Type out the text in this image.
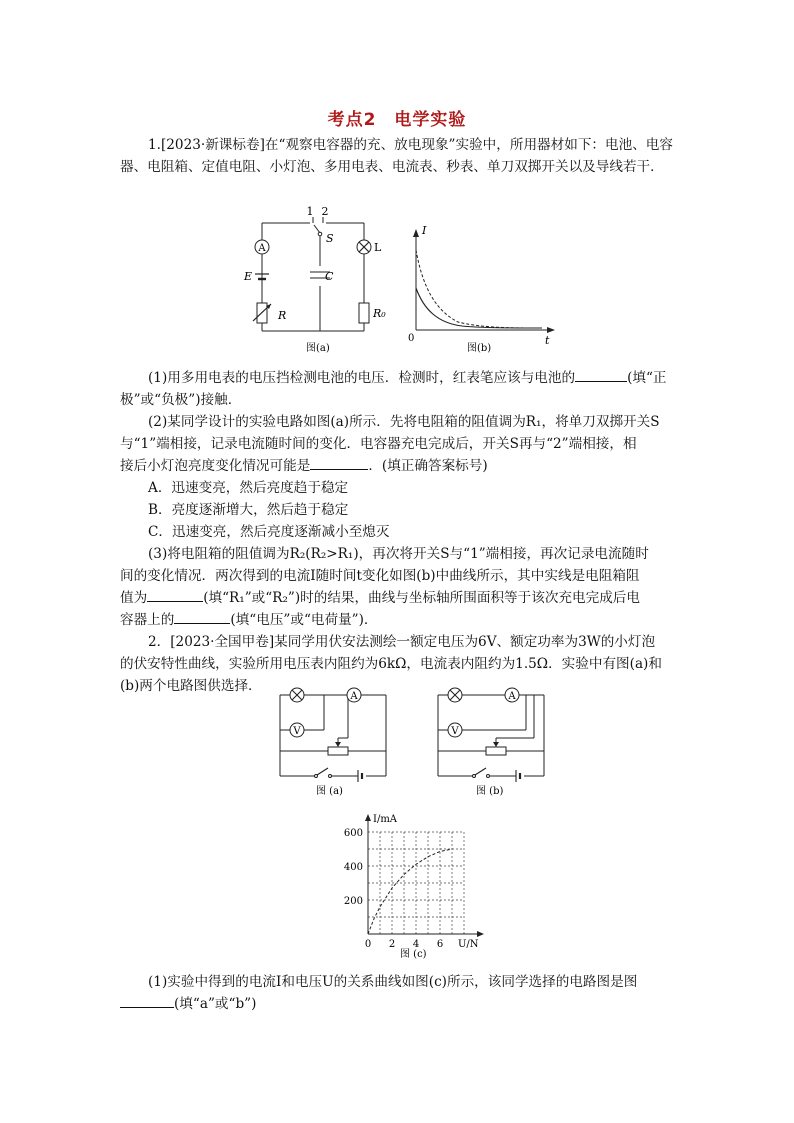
考点2　电学实验

1.[2023·新课标卷]在“观察电容器的充、放电现象”实验中，所用器材如下：电池、电容器、电阻箱、定值电阻、小灯泡、多用电表、电流表、秒表、单刀双掷开关以及导线若干．

A
1 2
S
L
E	C
R	R₀
图(a)
I
t
0
图(b)

(1)用多用电表的电压挡检测电池的电压．检测时，红表笔应该与电池的	(填“正

极”或“负极”)接触．

(2)某同学设计的实验电路如图(a)所示．先将电阻箱的阻值调为R₁，将单刀双掷开关S

与“1”端相接，记录电流随时间的变化．电容器充电完成后，开关S再与“2”端相接，相

接后小灯泡亮度变化情况可能是	．(填正确答案标号)

A．迅速变亮，然后亮度趋于稳定

B．亮度逐渐增大，然后趋于稳定

C．迅速变亮，然后亮度逐渐减小至熄灭

(3)将电阻箱的阻值调为R₂(R₂>R₁)，再次将开关S与“1”端相接，再次记录电流随时

间的变化情况．两次得到的电流I随时间t变化如图(b)中曲线所示，其中实线是电阻箱阻

值为	(填“R₁”或“R₂”)时的结果，曲线与坐标轴所围面积等于该次充电完成后电

容器上的	(填“电压”或“电荷量”)．

2．[2023·全国甲卷]某同学用伏安法测绘一额定电压为6V、额定功率为3W的小灯泡

的伏安特性曲线，实验所用电压表内阻约为6kΩ，电流表内阻约为1.5Ω．实验中有图(a)和

(b)两个电路图供选择．

A
V
图 (a)
A
V
图 (b)
0 2 4 6
200
400
600
I/mA
U/N
图 (c)

(1)实验中得到的电流I和电压U的关系曲线如图(c)所示，该同学选择的电路图是图

(填“a”或“b”)
